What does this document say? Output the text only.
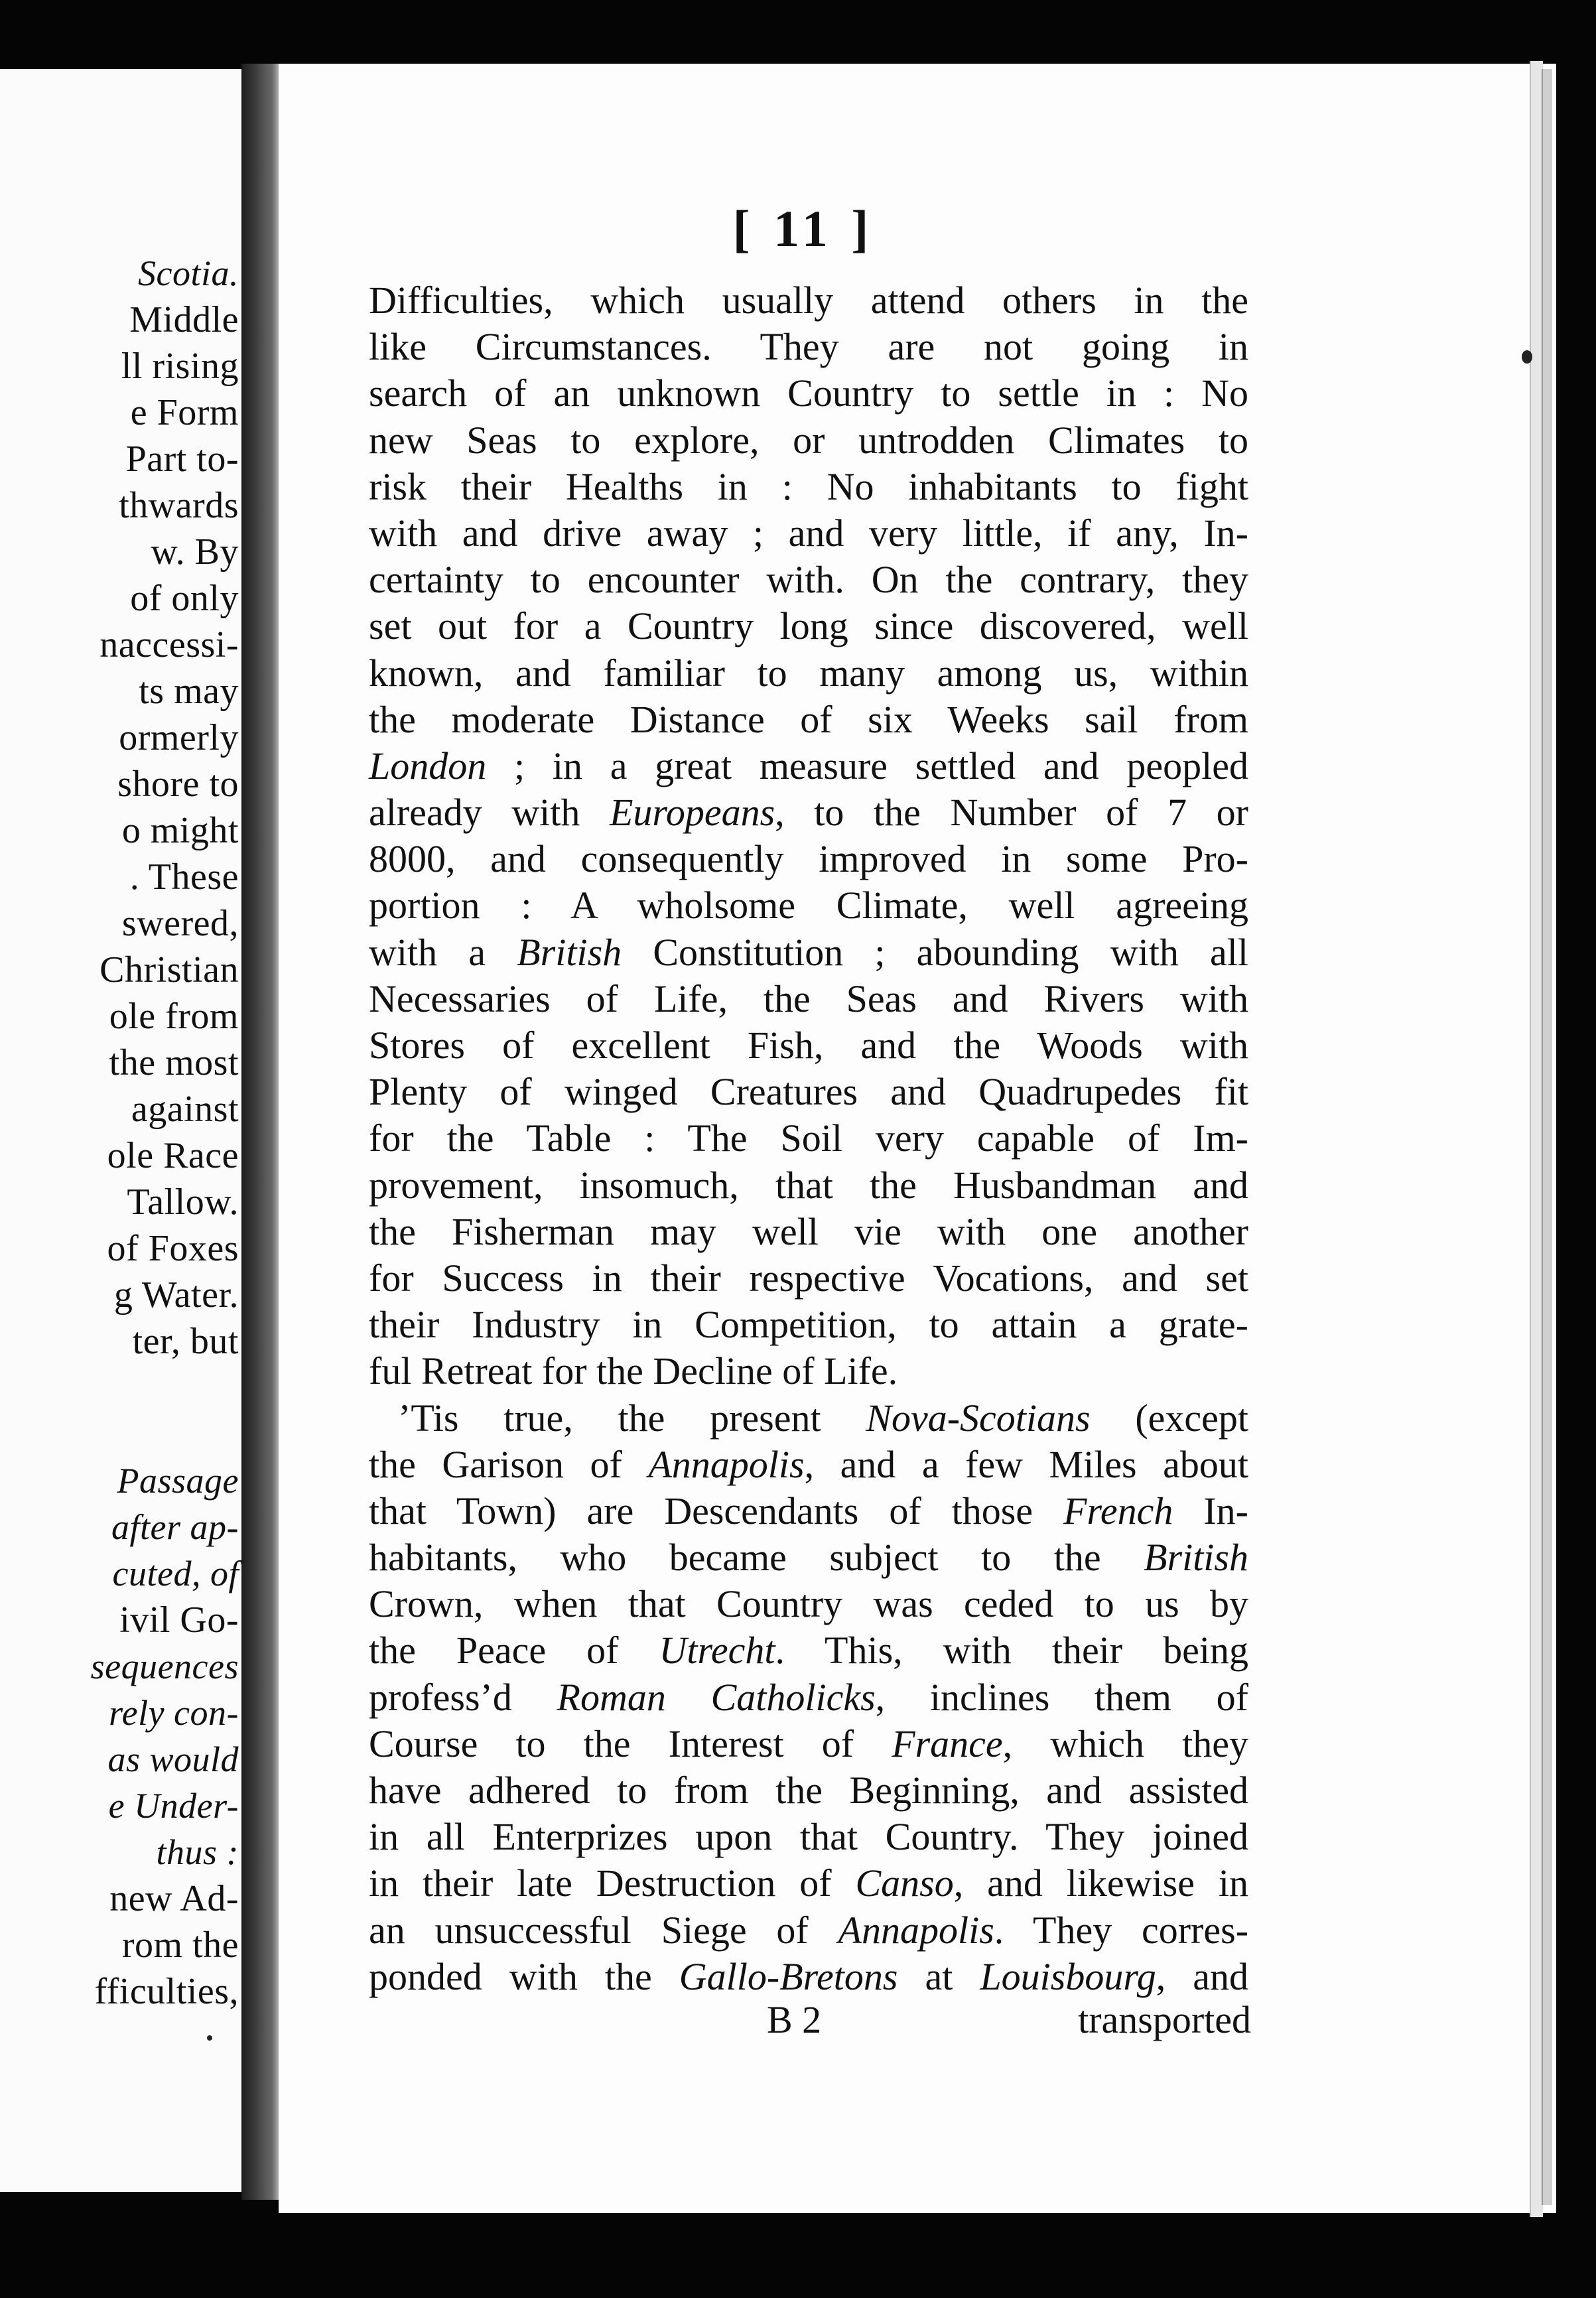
Scotia.
Middle
ll rising
e Form
Part to-
thwards
w. By
of only
naccessi-
ts may
ormerly
shore to
o might
. These
swered,
Christian
ole from
the most
against
ole Race
Tallow.
of Foxes
g Water.
ter, but
Passage
after ap-
cuted, of
ivil Go-
sequences
rely con-
as would
e Under-
thus :
new Ad-
rom the
fficulties,
[ 11 ]
Difficulties, which usually attend others in the
like Circumstances. They are not going in
search of an unknown Country to settle in : No
new Seas to explore, or untrodden Climates to
risk their Healths in : No inhabitants to fight
with and drive away ; and very little, if any, In-
certainty to encounter with. On the contrary, they
set out for a Country long since discovered, well
known, and familiar to many among us, within
the moderate Distance of six Weeks sail from
London ; in a great measure settled and peopled
already with Europeans, to the Number of 7 or
8000, and consequently improved in some Pro-
portion : A wholsome Climate, well agreeing
with a British Constitution ; abounding with all
Necessaries of Life, the Seas and Rivers with
Stores of excellent Fish, and the Woods with
Plenty of winged Creatures and Quadrupedes fit
for the Table : The Soil very capable of Im-
provement, insomuch, that the Husbandman and
the Fisherman may well vie with one another
for Success in their respective Vocations, and set
their Industry in Competition, to attain a grate-
ful Retreat for the Decline of Life.
’Tis true, the present Nova-Scotians (except
the Garison of Annapolis, and a few Miles about
that Town) are Descendants of those French In-
habitants, who became subject to the British
Crown, when that Country was ceded to us by
the Peace of Utrecht. This, with their being
profess’d Roman Catholicks, inclines them of
Course to the Interest of France, which they
have adhered to from the Beginning, and assisted
in all Enterprizes upon that Country. They joined
in their late Destruction of Canso, and likewise in
an unsuccessful Siege of Annapolis. They corres-
ponded with the Gallo-Bretons at Louisbourg, and
B 2	transported
